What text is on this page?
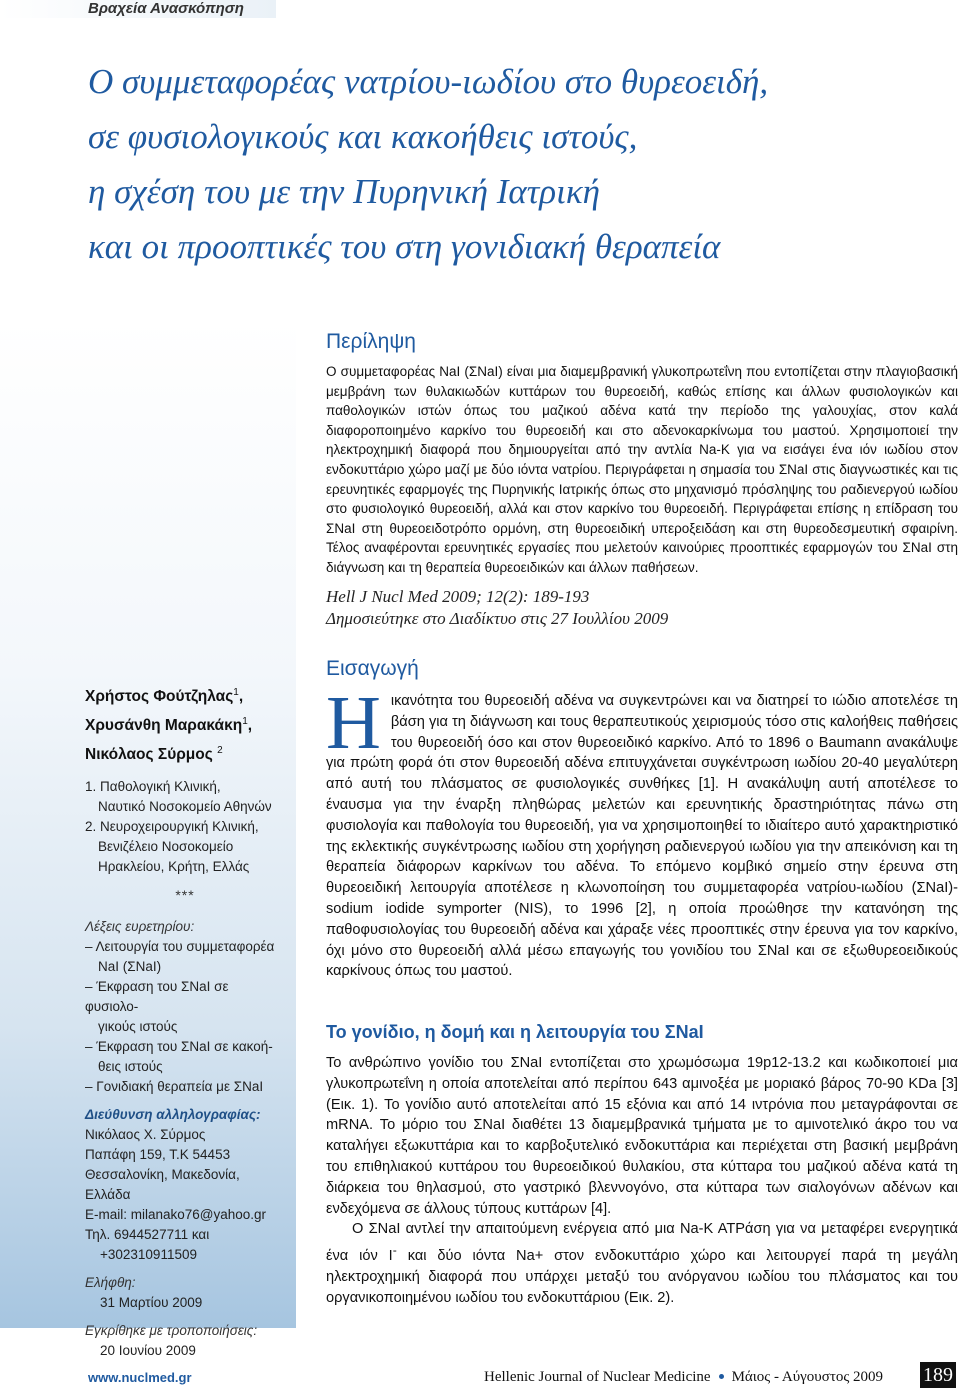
Βραχεία Ανασκόπηση
Ο συμμεταφορέας νατρίου-ιωδίου στο θυρεοειδή,
σε φυσιολογικούς και κακοήθεις ιστούς,
η σχέση του με την Πυρηνική Ιατρική
και οι προοπτικές του στη γονιδιακή θεραπεία
Χρήστος Φούτζηλας$^1$,
Χρυσάνθη Μαρακάκη$^1$,
Νικόλαος Σύρμος $^2$
1. Παθολογική Κλινική,
Ναυτικό Νοσοκομείο Αθηνών
2. Νευροχειρουργική Κλινική,
Βενιζέλειο Νοσοκομείο
Ηρακλείου, Κρήτη, Ελλάς
***
Λέξεις ευρετηρίου:
– Λειτουργία του συμμεταφορέα
NaI (ΣNaI)
– Έκφραση του ΣNaI σε φυσιολο-
γικούς ιστούς
– Έκφραση του ΣNaI σε κακοή-
θεις ιστούς
– Γονιδιακή θεραπεία με ΣNaI
Διεύθυνση αλληλογραφίας:
Νικόλαος Χ. Σύρμος
Παπάφη 159, Τ.Κ 54453
Θεσσαλονίκη, Μακεδονία,
Ελλάδα
E-mail: milanako76@yahoo.gr
Τηλ. 6944527711 και
+302310911509
Ελήφθη:
31 Μαρτίου 2009
Εγκρίθηκε με τροποποιήσεις:
20 Ιουνίου 2009
Περίληψη
Ο συμμεταφορέας NaI (ΣNaI) είναι μια διαμεμβρανική γλυκοπρωτεΐνη που εντοπίζεται στην πλαγιοβασική μεμβράνη των θυλακιωδών κυττάρων του θυρεοειδή, καθώς επίσης και άλλων φυσιολογικών και παθολογικών ιστών όπως του μαζικού αδένα κατά την περίοδο της γαλουχίας, στον καλά διαφοροποιημένο καρκίνο του θυρεοειδή και στο αδενοκαρκίνωμα του μαστού. Χρησιμοποιεί την ηλεκτροχημική διαφορά που δημιουργείται από την αντλία Na-K για να εισάγει ένα ιόν ιωδίου στον ενδοκυττάριο χώρο μαζί με δύο ιόντα νατρίου. Περιγράφεται η σημασία του ΣNaI στις διαγνωστικές και τις ερευνητικές εφαρμογές της Πυρηνικής Ιατρικής όπως στο μηχανισμό πρόσληψης του ραδιενεργού ιωδίου στο φυσιολογικό θυρεοειδή, αλλά και στον καρκίνο του θυρεοειδή. Περιγράφεται επίσης η επίδραση του ΣNaI στη θυρεοειδοτρόπο ορμόνη, στη θυρεοειδική υπεροξειδάση και στη θυρεοδεσμευτική σφαιρίνη. Τέλος αναφέρονται ερευνητικές εργασίες που μελετούν καινούριες προοπτικές εφαρμογών του ΣNaI στη διάγνωση και τη θεραπεία θυρεοειδικών και άλλων παθήσεων.
Hell J Nucl Med 2009; 12(2): 189-193
Δημοσιεύτηκε στο Διαδίκτυο στις 27 Ιουλλίου 2009
Εισαγωγή
Ηικανότητα του θυρεοειδή αδένα να συγκεντρώνει και να διατηρεί το ιώδιο αποτελέσε τη βάση για τη διάγνωση και τους θεραπευτικούς χειρισμούς τόσο στις καλοήθεις παθήσεις του θυρεοειδή όσο και στον θυρεοειδικό καρκίνο. Από το 1896 ο Baumann ανακάλυψε για πρώτη φορά ότι στον θυρεοειδή αδένα επιτυγχάνεται συγκέντρωση ιωδίου 20-40 μεγαλύτερη από αυτή του πλάσματος σε φυσιολογικές συνθήκες [1]. Η ανακάλυψη αυτή αποτέλεσε το έναυσμα για την έναρξη πληθώρας μελετών και ερευνητικής δραστηριότητας πάνω στη φυσιολογία και παθολογία του θυρεοειδή, για να χρησιμοποιηθεί το ιδιαίτερο αυτό χαρακτηριστικό της εκλεκτικής συγκέντρωσης ιωδίου στη χορήγηση ραδιενεργού ιωδίου για την απεικόνιση και τη θεραπεία διάφορων καρκίνων του αδένα. Το επόμενο κομβικό σημείο στην έρευνα στη θυρεοειδική λειτουργία αποτέλεσε η κλωνοποίηση του συμμεταφορέα νατρίου-ιωδίου (ΣNaI)-sodium iodide symporter (NIS), το 1996 [2], η οποία προώθησε την κατανόηση της παθοφυσιολογίας του θυρεοειδή αδένα και χάραξε νέες προοπτικές στην έρευνα για τον καρκίνο, όχι μόνο στο θυρεοειδή αλλά μέσω επαγωγής του γονιδίου του ΣNaI και σε εξωθυρεοειδικούς καρκίνους όπως του μαστού.
Το γονίδιο, η δομή και η λειτουργία του ΣNaI
Το ανθρώπινο γονίδιο του ΣNaI εντοπίζεται στο χρωμόσωμα 19p12-13.2 και κωδικοποιεί μια γλυκοπρωτεΐνη η οποία αποτελείται από περίπου 643 αμινοξέα με μοριακό βάρος 70-90 KDa [3] (Εικ. 1). Το γονίδιο αυτό αποτελείται από 15 εξόνια και από 14 ιντρόνια που μεταγράφονται σε mRNA. Το μόριο του ΣNaI διαθέτει 13 διαμεμβρανικά τμήματα με το αμινοτελικό άκρο του να καταλήγει εξωκυττάρια και το καρβοξυτελικό ενδοκυττάρια και περιέχεται στη βασική μεμβράνη του επιθηλιακού κυττάρου του θυρεοειδικού θυλακίου, στα κύτταρα του μαζικού αδένα κατά τη διάρκεια του θηλασμού, στο γαστρικό βλεννογόνο, στα κύτταρα των σιαλογόνων αδένων και ενδεχόμενα σε άλλους τύπους κυττάρων [4].
Ο ΣNaI αντλεί την απαιτούμενη ενέργεια από μια Na-K ATPάση για να μεταφέρει ενεργητικά ένα ιόν I- και δύο ιόντα Na+ στον ενδοκυττάριο χώρο και λειτουργεί παρά τη μεγάλη ηλεκτροχημική διαφορά που υπάρχει μεταξύ του ανόργανου ιωδίου του πλάσματος και του οργανικοποιημένου ιωδίου του ενδοκυττάριου (Εικ. 2).
www.nuclmed.gr	Hellenic Journal of Nuclear Medicine Μάιος - Αύγουστος 2009 189
